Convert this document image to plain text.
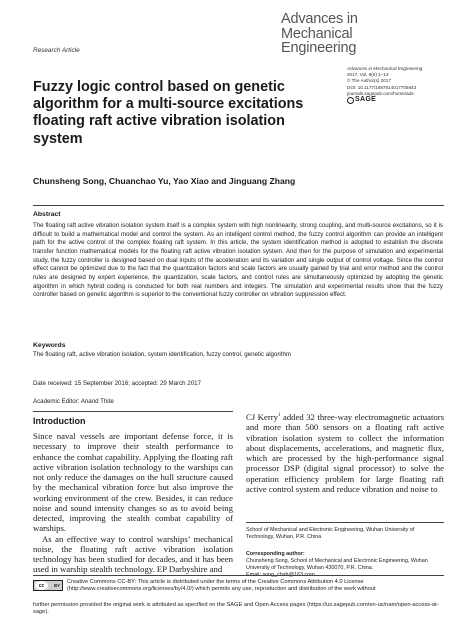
Advances in
Mechanical
Engineering
Advances in Mechanical Engineering
2017, Vol. 9(6) 1–13
© The Author(s) 2017
DOI: 10.1177/1687814017705843
journals.sagepub.com/home/ade
SAGE
Research Article
Fuzzy logic control based on genetic algorithm for a multi-source excitations floating raft active vibration isolation system
Chunsheng Song, Chuanchao Yu, Yao Xiao and Jinguang Zhang
Abstract
The floating raft active vibration isolation system itself is a complex system with high nonlinearity, strong coupling, and multi-source excitations, so it is difficult to build a mathematical model and control the system. As an intelligent control method, the fuzzy control algorithm can provide an intelligent path for the active control of the complex floating raft system. In this article, the system identification method is adopted to establish the discrete transfer function mathematical models for the floating raft active vibration isolation system. And then for the purpose of simulation and experimental study, the fuzzy controller is designed based on dual inputs of the acceleration and its variation and single output of control voltage. Since the control effect cannot be optimized due to the fact that the quantization factors and scale factors are usually gained by trial and error method and the control rules are designed by expert experience, the quantization, scale factors, and control rules are simultaneously optimized by adopting the genetic algorithm in which hybrid coding is conducted for both real numbers and integers. The simulation and experimental results show that the fuzzy controller based on genetic algorithm is superior to the conventional fuzzy controller on vibration suppression effect.
Keywords
The floating raft, active vibration isolation, system identification, fuzzy control, genetic algorithm
Date received: 15 September 2016; accepted: 29 March 2017
Academic Editor: Anand Thite
Introduction

Since naval vessels are important defense force, it is necessary to improve their stealth performance to enhance the combat capability. Applying the floating raft active vibration isolation technology to the warships can not only reduce the damages on the hull structure caused by the mechanical vibration force but also improve the working environment of the crew. Besides, it can reduce noise and sound intensity changes so as to avoid being detected, improving the stealth combat capability of warships.

As an effective way to control warships’ mechanical noise, the floating raft active vibration isolation technology has been studied for decades, and it has been used in warship stealth technology. EP Darbyshire and

CJ Kerry$^1$ added 32 three-way electromagnetic actuators and more than 500 sensors on a floating raft active vibration isolation system to collect the information about displacements, accelerations, and magnetic flux, which are processed by the high-performance signal processor DSP (digital signal processor) to solve the operation efficiency problem for large floating raft active control system and reduce vibration and noise to

School of Mechanical and Electronic Engineering, Wuhan University of Technology, Wuhan, P.R. China
Corresponding author:
Chunsheng Song, School of Mechanical and Electronic Engineering, Wuhan University of Technology, Wuhan 430070, P.R. China.
Email: song_chsh@163.com
cc	BY
Creative Commons CC-BY: This article is distributed under the terms of the Creative Commons Attribution 4.0 License (http://www.creativecommons.org/licenses/by/4.0/) which permits any use, reproduction and distribution of the work without
further permission provided the original work is attributed as specified on the SAGE and Open Access pages (https://us.sagepub.com/en-us/nam/open-access-at-sage).
